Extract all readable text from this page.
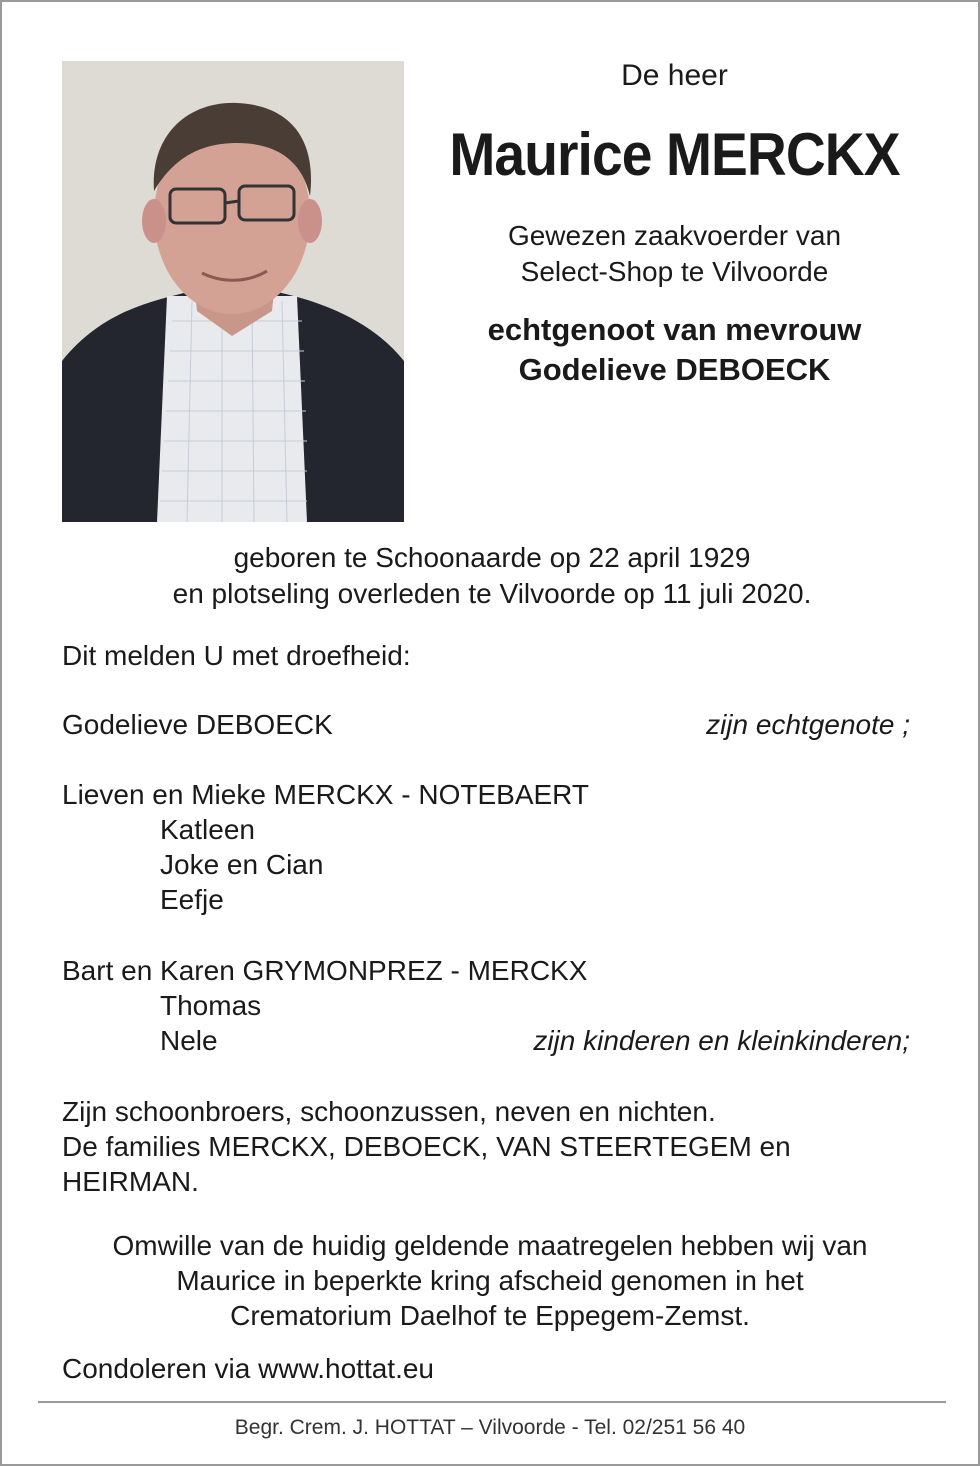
De heer
Maurice MERCKX
Gewezen zaakvoerder van
Select-Shop te Vilvoorde
echtgenoot van mevrouw
Godelieve DEBOECK
geboren te Schoonaarde op 22 april 1929
en plotseling overleden te Vilvoorde op 11 juli 2020.
Dit melden U met droefheid:
Godelieve DEBOECK	zijn echtgenote ;
Lieven en Mieke MERCKX - NOTEBAERT
Katleen
Joke en Cian
Eefje
Bart en Karen GRYMONPREZ - MERCKX
Thomas
Nele	zijn kinderen en kleinkinderen;
Zijn schoonbroers, schoonzussen, neven en nichten.
De families MERCKX, DEBOECK, VAN STEERTEGEM en
HEIRMAN.
Omwille van de huidig geldende maatregelen hebben wij van
Maurice in beperkte kring afscheid genomen in het
Crematorium Daelhof te Eppegem-Zemst.
Condoleren via www.hottat.eu
Begr. Crem. J. HOTTAT – Vilvoorde - Tel. 02/251 56 40
